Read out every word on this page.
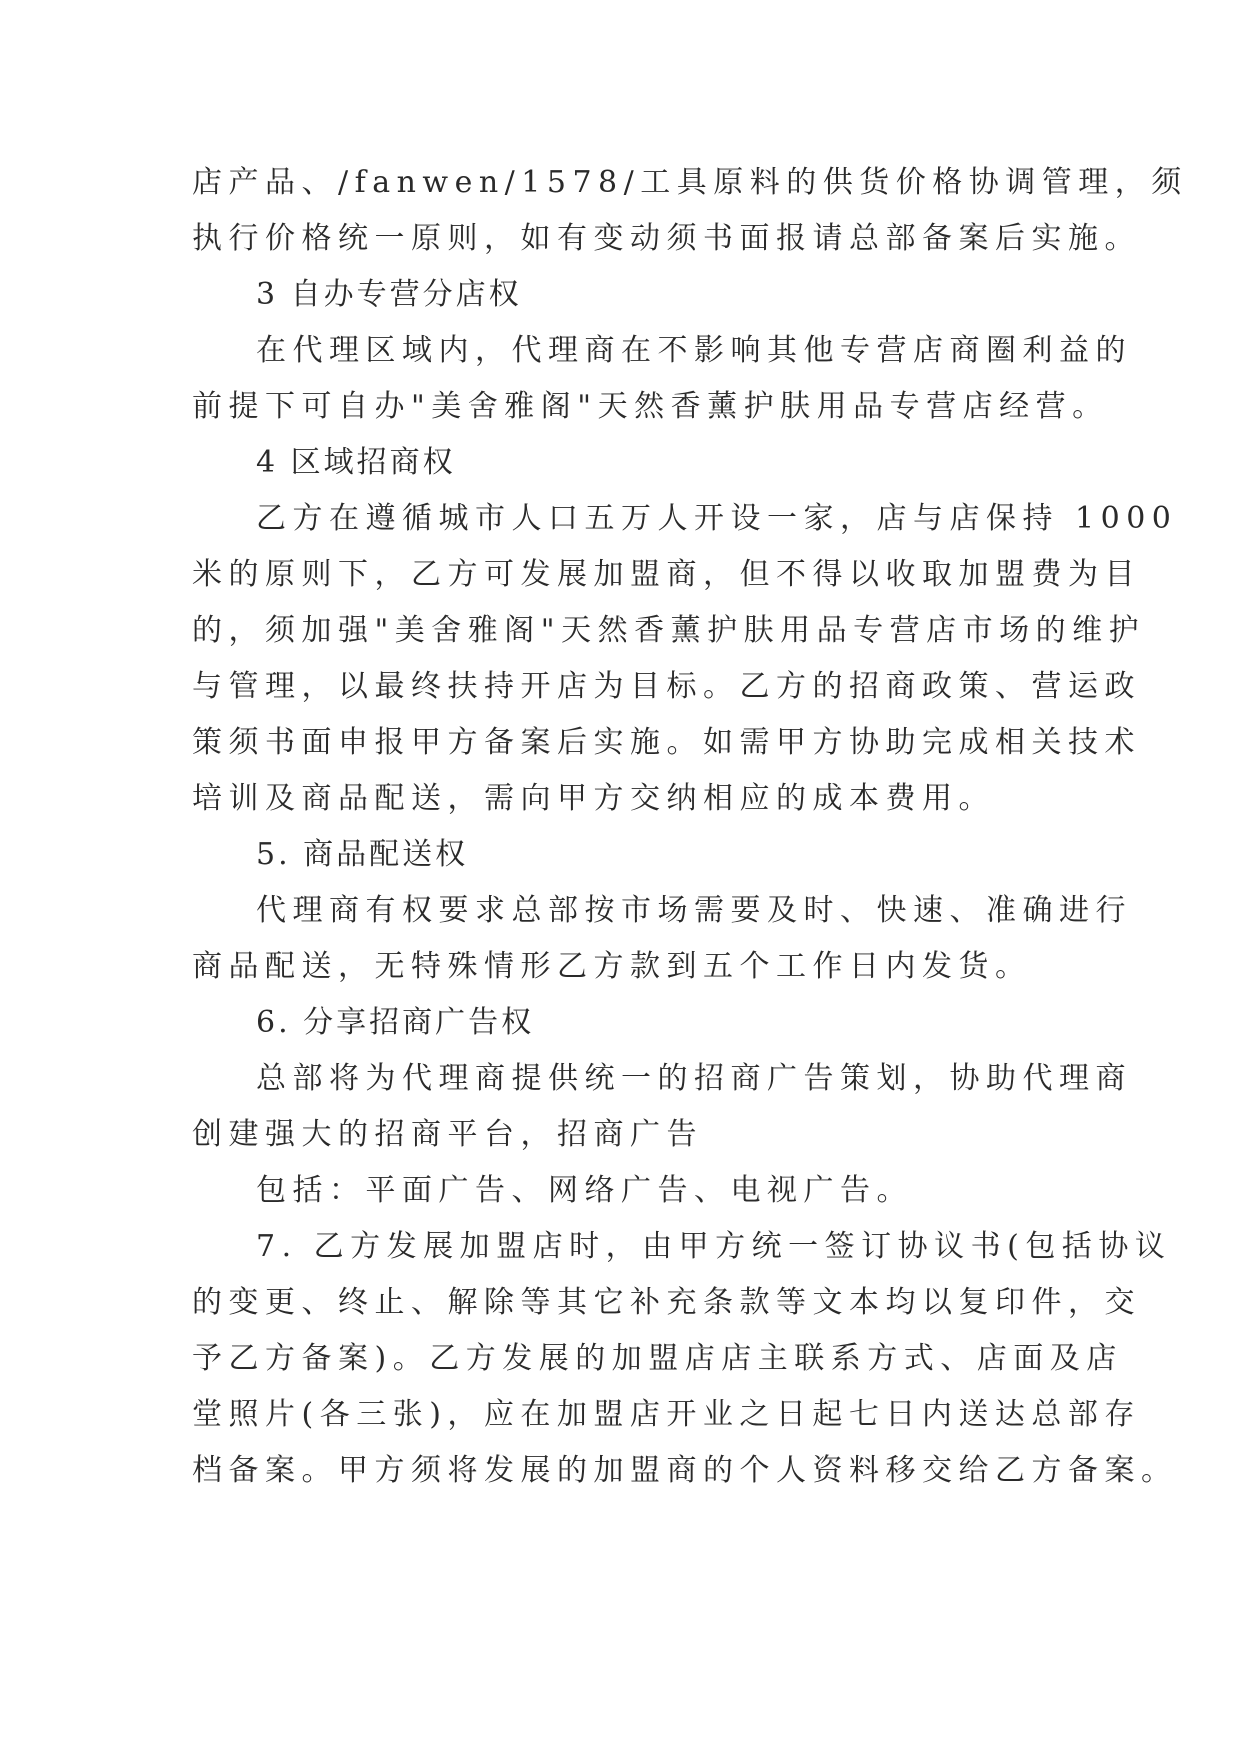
店产品、/fanwen/1578/工具原料的供货价格协调管理，须
执行价格统一原则，如有变动须书面报请总部备案后实施。
3 自办专营分店权
在代理区域内，代理商在不影响其他专营店商圈利益的
前提下可自办"美舍雅阁"天然香薰护肤用品专营店经营。
4 区域招商权
乙方在遵循城市人口五万人开设一家，店与店保持 1000
米的原则下，乙方可发展加盟商，但不得以收取加盟费为目
的，须加强"美舍雅阁"天然香薰护肤用品专营店市场的维护
与管理，以最终扶持开店为目标。乙方的招商政策、营运政
策须书面申报甲方备案后实施。如需甲方协助完成相关技术
培训及商品配送，需向甲方交纳相应的成本费用。
5. 商品配送权
代理商有权要求总部按市场需要及时、快速、准确进行
商品配送，无特殊情形乙方款到五个工作日内发货。
6. 分享招商广告权
总部将为代理商提供统一的招商广告策划，协助代理商
创建强大的招商平台，招商广告
包括：平面广告、网络广告、电视广告。
7. 乙方发展加盟店时，由甲方统一签订协议书(包括协议
的变更、终止、解除等其它补充条款等文本均以复印件，交
予乙方备案)。乙方发展的加盟店店主联系方式、店面及店
堂照片(各三张)，应在加盟店开业之日起七日内送达总部存
档备案。甲方须将发展的加盟商的个人资料移交给乙方备案。
